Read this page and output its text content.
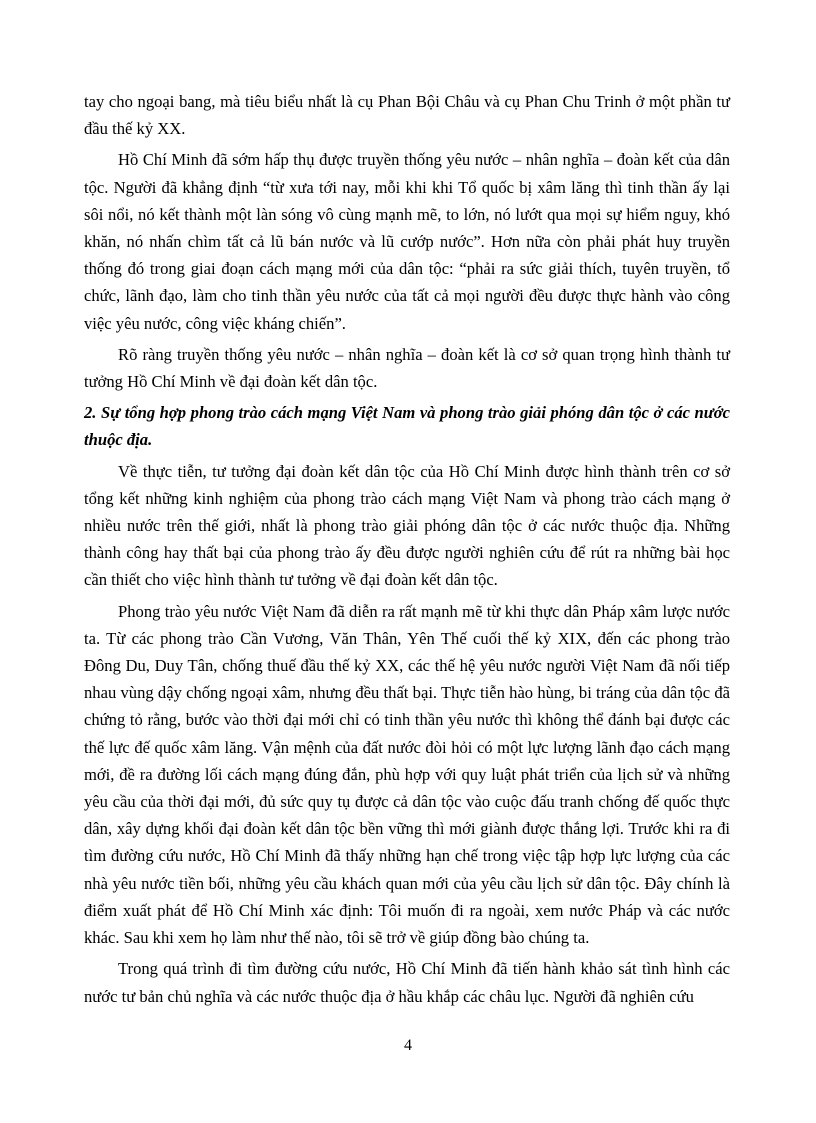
tay cho ngoại bang, mà tiêu biểu nhất là cụ Phan Bội Châu và cụ Phan Chu Trinh ở một phần tư đầu thế kỷ XX.

Hồ Chí Minh đã sớm hấp thụ được truyền thống yêu nước – nhân nghĩa – đoàn kết của dân tộc. Người đã khẳng định “từ xưa tới nay, mỗi khi khi Tổ quốc bị xâm lăng thì tinh thần ấy lại sôi nổi, nó kết thành một làn sóng vô cùng mạnh mẽ, to lớn, nó lướt qua mọi sự hiểm nguy, khó khăn, nó nhấn chìm tất cả lũ bán nước và lũ cướp nước”. Hơn nữa còn phải phát huy truyền thống đó trong giai đoạn cách mạng mới của dân tộc: “phải ra sức giải thích, tuyên truyền, tổ chức, lãnh đạo, làm cho tinh thần yêu nước của tất cả mọi người đều được thực hành vào công việc yêu nước, công việc kháng chiến”.

Rõ ràng truyền thống yêu nước – nhân nghĩa – đoàn kết là cơ sở quan trọng hình thành tư tưởng Hồ Chí Minh về đại đoàn kết dân tộc.

2. Sự tổng hợp phong trào cách mạng Việt Nam và phong trào giải phóng dân tộc ở các nước thuộc địa.

Về thực tiễn, tư tưởng đại đoàn kết dân tộc của Hồ Chí Minh được hình thành trên cơ sở tổng kết những kinh nghiệm của phong trào cách mạng Việt Nam và phong trào cách mạng ở nhiều nước trên thế giới, nhất là phong trào giải phóng dân tộc ở các nước thuộc địa. Những thành công hay thất bại của phong trào ấy đều được người nghiên cứu để rút ra những bài học cần thiết cho việc hình thành tư tưởng về đại đoàn kết dân tộc.

Phong trào yêu nước Việt Nam đã diễn ra rất mạnh mẽ từ khi thực dân Pháp xâm lược nước ta. Từ các phong trào Cần Vương, Văn Thân, Yên Thế cuối thế kỷ XIX, đến các phong trào Đông Du, Duy Tân, chống thuế đầu thế kỷ XX, các thế hệ yêu nước người Việt Nam đã nối tiếp nhau vùng dậy chống ngoại xâm, nhưng đều thất bại. Thực tiễn hào hùng, bi tráng của dân tộc đã chứng tỏ rằng, bước vào thời đại mới chỉ có tinh thần yêu nước thì không thể đánh bại được các thế lực đế quốc xâm lăng. Vận mệnh của đất nước đòi hỏi có một lực lượng lãnh đạo cách mạng mới, đề ra đường lối cách mạng đúng đắn, phù hợp với quy luật phát triển của lịch sử và những yêu cầu của thời đại mới, đủ sức quy tụ được cả dân tộc vào cuộc đấu tranh chống đế quốc thực dân, xây dựng khối đại đoàn kết dân tộc bền vững thì mới giành được thắng lợi. Trước khi ra đi tìm đường cứu nước, Hồ Chí Minh đã thấy những hạn chế trong việc tập hợp lực lượng của các nhà yêu nước tiền bối, những yêu cầu khách quan mới của yêu cầu lịch sử dân tộc. Đây chính là điểm xuất phát để Hồ Chí Minh xác định: Tôi muốn đi ra ngoài, xem nước Pháp và các nước khác. Sau khi xem họ làm như thế nào, tôi sẽ trở về giúp đồng bào chúng ta.

Trong quá trình đi tìm đường cứu nước, Hồ Chí Minh đã tiến hành khảo sát tình hình các nước tư bản chủ nghĩa và các nước thuộc địa ở hầu khắp các châu lục. Người đã nghiên cứu

4
